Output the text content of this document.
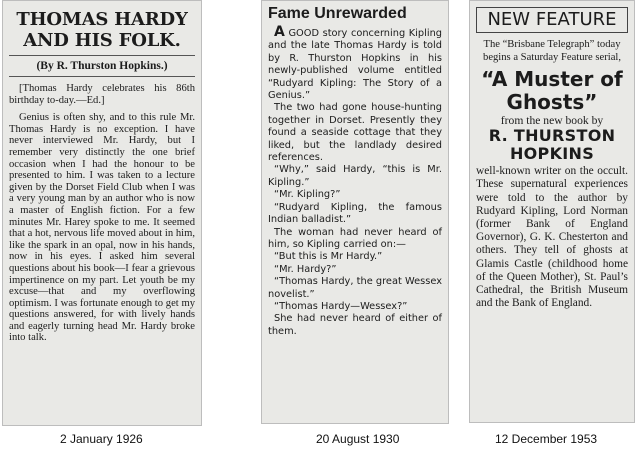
THOMAS HARDY AND HIS FOLK.
(By R. Thurston Hopkins.)

[Thomas Hardy celebrates his 86th birthday to-day.—Ed.]

Genius is often shy, and to this rule Mr. Thomas Hardy is no exception. I have never interviewed Mr. Hardy, but I remember very distinctly the one brief occasion when I had the honour to be presented to him. I was taken to a lecture given by the Dorset Field Club when I was a very young man by an author who is now a master of English fiction. For a few minutes Mr. Harey spoke to me. It seemed that a hot, nervous life moved about in him, like the spark in an opal, now in his hands, now in his eyes. I asked him several questions about his book—I fear a grievous impertinence on my part. Let youth be my excuse—that and my overflowing optimism. I was fortunate enough to get my questions answered, for with lively hands and eagerly turning head Mr. Hardy broke into talk.

Fame Unrewarded

A GOOD story concerning Kipling and the late Thomas Hardy is told by R. Thurston Hopkins in his newly-published volume entitled “Rudyard Kipling: The Story of a Genius.”

The two had gone house-hunting together in Dorset. Presently they found a seaside cottage that they liked, but the landlady desired references.

“Why,” said Hardy, “this is Mr. Kipling.”

“Mr. Kipling?”

“Rudyard Kipling, the famous Indian balladist.”

The woman had never heard of him, so Kipling carried on:—

“But this is Mr Hardy.”

“Mr. Hardy?”

“Thomas Hardy, the great Wessex novelist.”

“Thomas Hardy—Wessex?”

She had never heard of either of them.

NEW FEATURE
The “Brisbane Telegraph” today begins a Saturday Feature serial,
“A Muster of Ghosts”
from the new book by
R. THURSTON HOPKINS

well-known writer on the occult. These supernatural experiences were told to the author by Rudyard Kipling, Lord Norman (former Bank of England Governor), G. K. Chesterton and others. They tell of ghosts at Glamis Castle (childhood home of the Queen Mother), St. Paul’s Cathedral, the British Museum and the Bank of England.

2 January 1926	20 August 1930	12 December 1953
